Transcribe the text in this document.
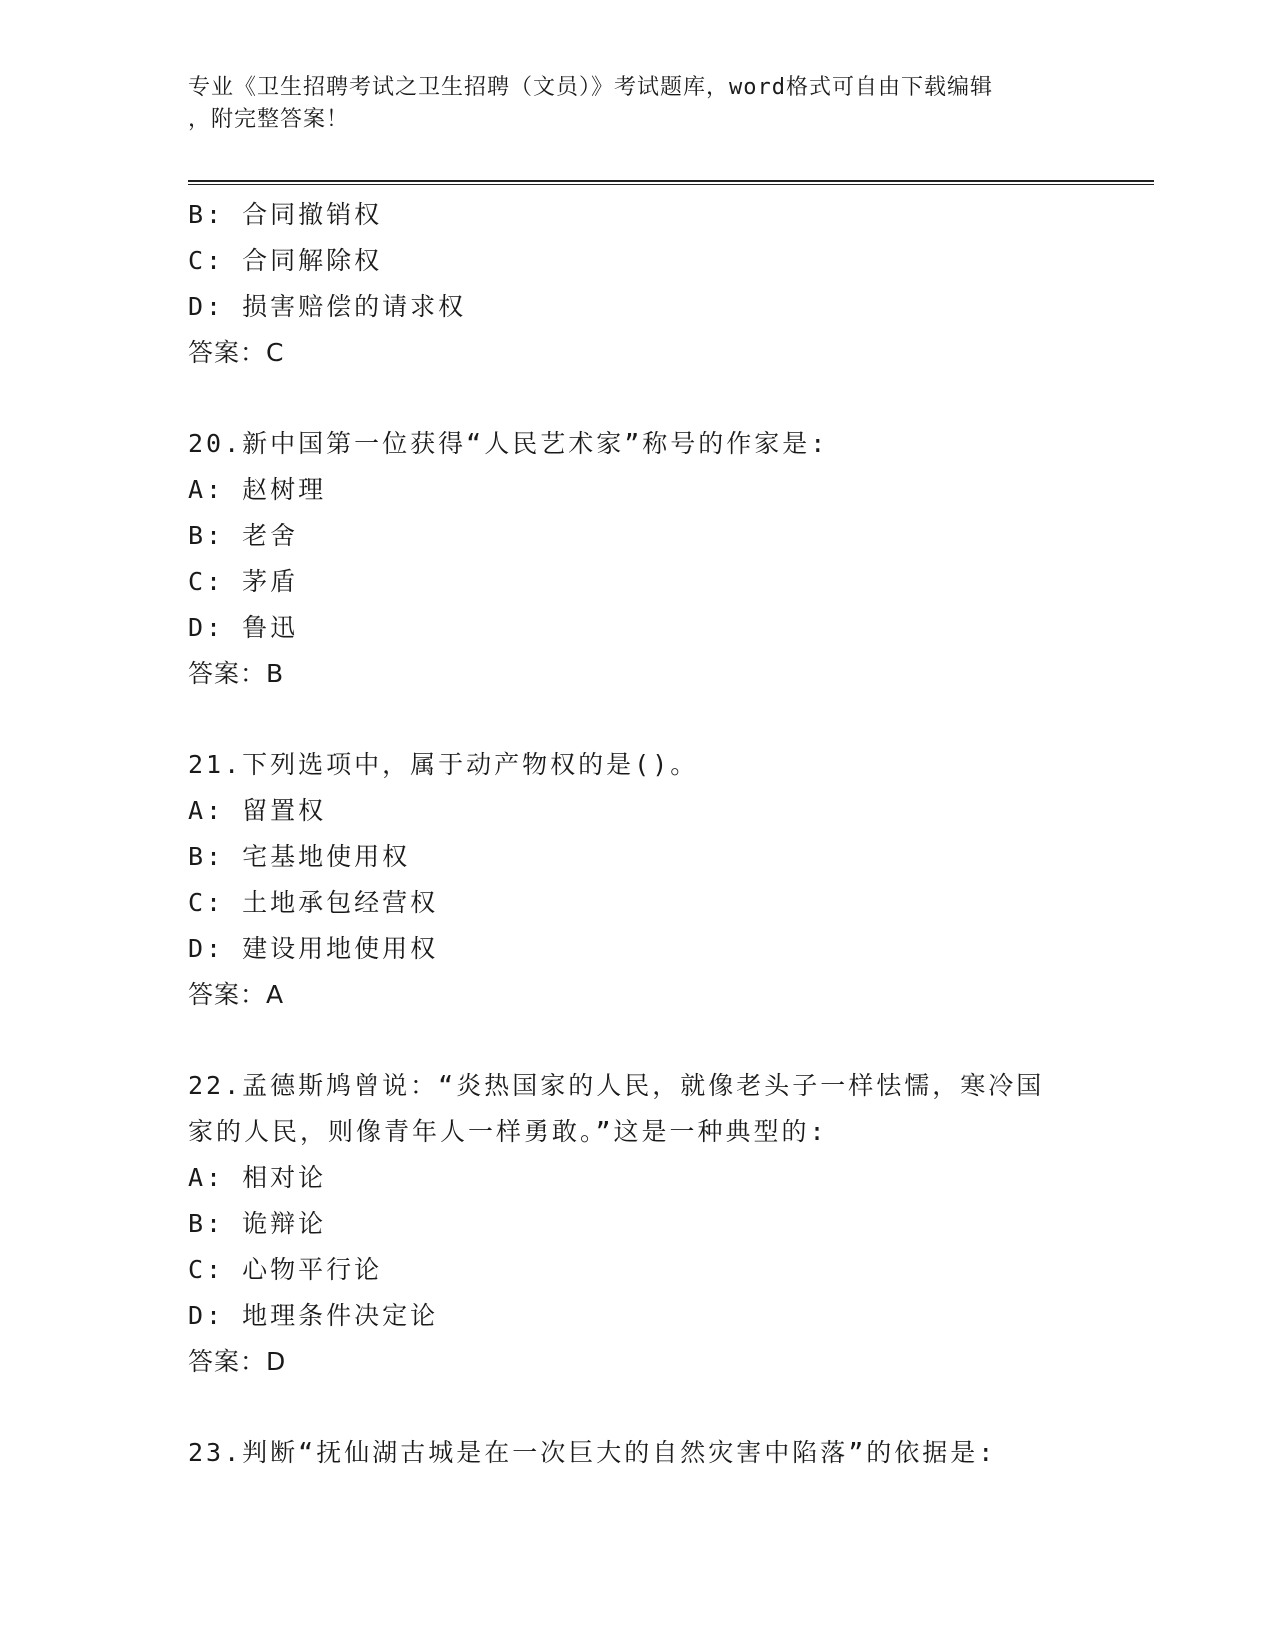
专业《卫生招聘考试之卫生招聘（文员）》考试题库，word格式可自由下载编辑
，附完整答案！
B: 合同撤销权
C: 合同解除权
D: 损害赔偿的请求权
答案：C
20.新中国第一位获得“人民艺术家”称号的作家是:
A: 赵树理
B: 老舍
C: 茅盾
D: 鲁迅
答案：B
21.下列选项中，属于动产物权的是()。
A: 留置权
B: 宅基地使用权
C: 土地承包经营权
D: 建设用地使用权
答案：A
22.孟德斯鸠曾说：“炎热国家的人民，就像老头子一样怯懦，寒冷国
家的人民，则像青年人一样勇敢。”这是一种典型的:
A: 相对论
B: 诡辩论
C: 心物平行论
D: 地理条件决定论
答案：D
23.判断“抚仙湖古城是在一次巨大的自然灾害中陷落”的依据是:
